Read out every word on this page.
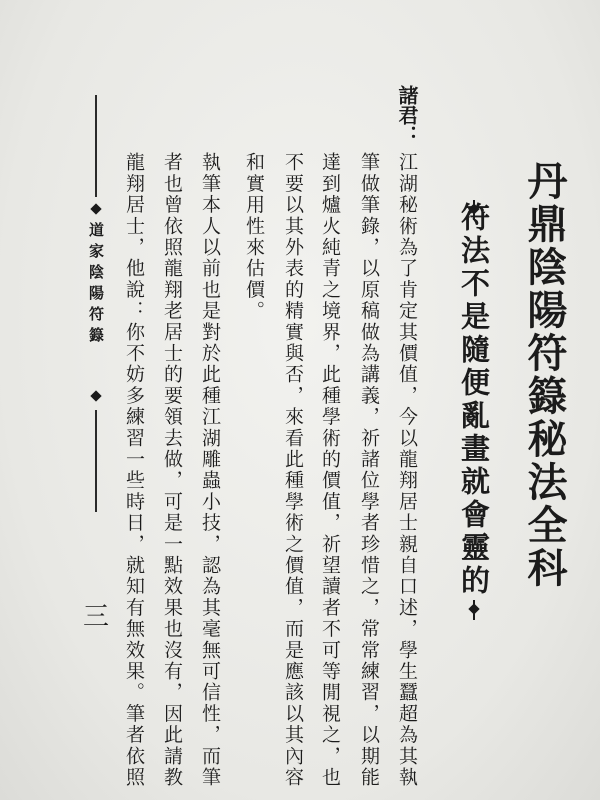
丹鼎陰陽符籙秘法全科
符法不是隨便亂畫就會靈的
諸君：
江湖秘術為了肯定其價值，今以龍翔居士親自口述，學生蠶超為其執
筆做筆錄，以原稿做為講義，祈諸位學者珍惜之，常常練習，以期能
達到爐火純青之境界，此種學術的價值，祈望讀者不可等閒視之，也
不要以其外表的精實與否，來看此種學術之價值，而是應該以其內容
和實用性來估價。
執筆本人以前也是對於此種江湖雕蟲小技，認為其毫無可信性，而筆
者也曾依照龍翔老居士的要領去做，可是一點效果也沒有，因此請教
龍翔居士，他說：你不妨多練習一些時日，就知有無效果。筆者依照
道家陰陽符籙
三
